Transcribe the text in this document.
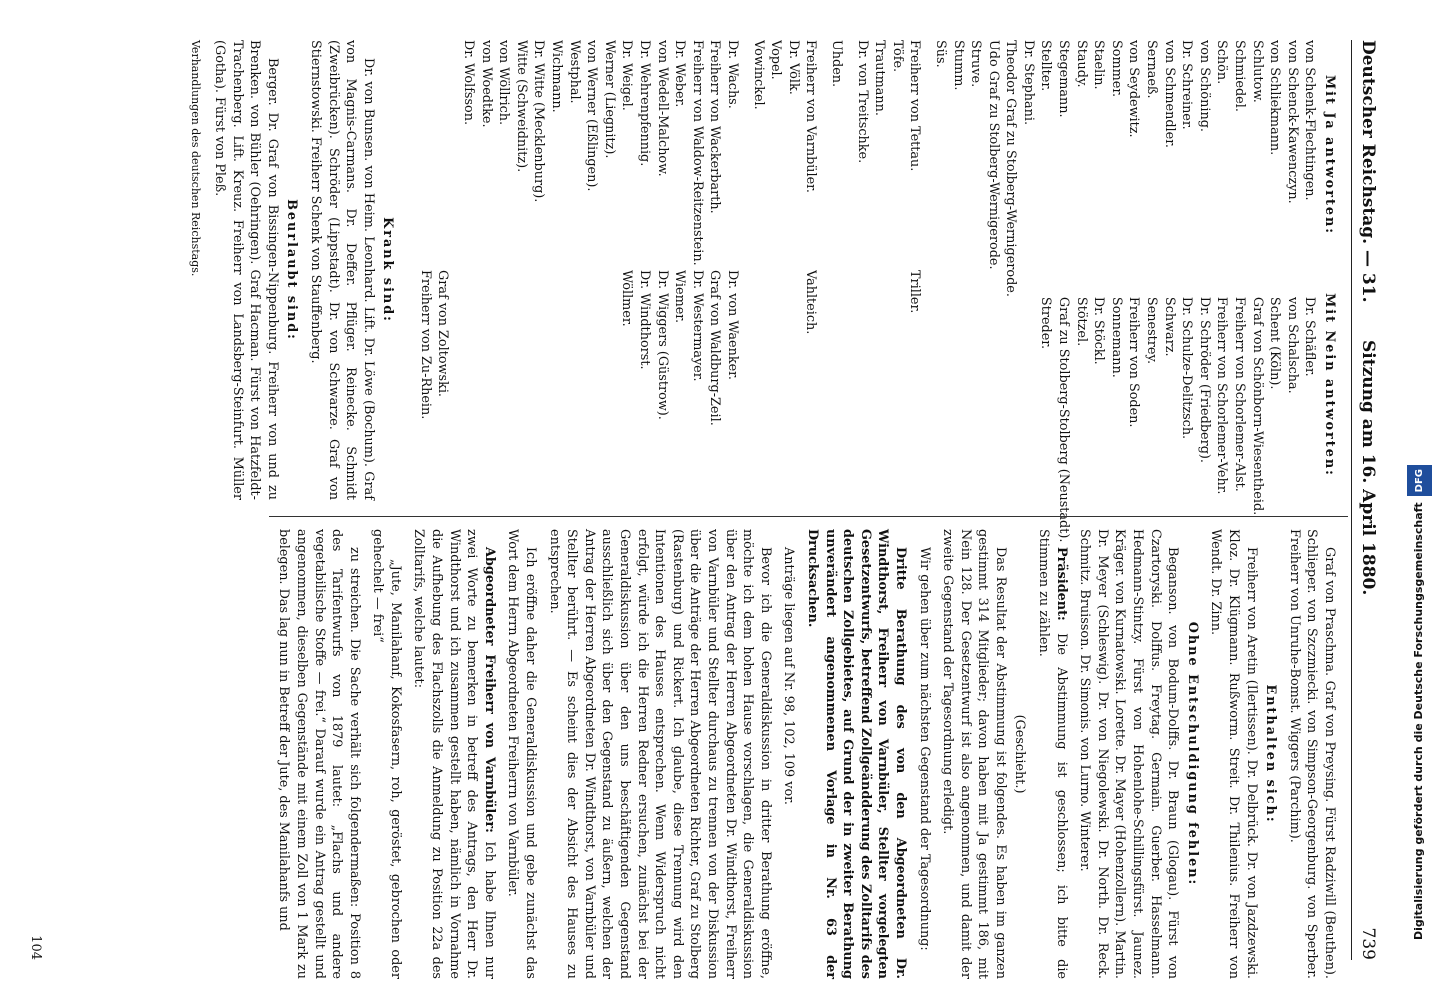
Deutscher Reichstag. — 31.
Sitzung am 16. April 1880.
739
Mit Ja antworten:
Mit Nein antworten:
von Schenk-Flechtingen.
von Schenck-Kawenczyn.
von Schliekmann.
Schlutow.
Schmiedel.
Schön.
von Schöning.
Dr. Schreiner.
von Schmendler.
Sernaeß.
von Seydewitz.
Sommer.
Staelin.
Staudy.
Stegemann.
Stellter.
Dr. Stephani.
Theodor Graf zu Stolberg-Wernigerode.
Udo Graf zu Stolberg-Wernigerode.
Struve.
Stumm.
Süs.
Dr. Schäfler.
von Schalscha.
Schent (Köln).
Graf von Schönborn-Wiesentheid.
Freiherr von Schorlemer-Alst.
Freiherr von Schorlemer-Vehr.
Dr. Schröder (Friedberg).
Dr. Schulze-Delitzsch.
Schwarz.
Senestrey.
Freiherr von Soden.
Sonnemann.
Dr. Stöckl.
Stötzel.
Graf zu Stolberg-Stolberg (Neustadt).
Streder.
Freiherr von Tettau.
Töfe.
Trautmann.
Dr. von Treitschke.
Triller.
Uhden.
Freiherr von Varnbüler.
Dr. Völk.
Vopel.
Vowinckel.
Vahlteich.
Dr. Wachs.
Freiherr von Wackerbarth.
Freiherr von Waldow-Reitzenstein.
Dr. Weber.
von Wedell-Malchow.
Dr. Wehrenpfennig.
Dr. Weigel.
Werner (Liegnitz).
von Werner (Eßlingen).
Westphal.
Wichmann.
Dr. Witte (Mecklenburg).
Witte (Schweidnitz).
von Wöllrich.
von Woedtke.
Dr. Wolfsson.
Dr. von Waenker.
Graf von Waldburg-Zeil.
Dr. Westermayer.
Wiemer.
Dr. Wiggers (Güstrow).
Dr. Windthorst.
Wöllmer.
Graf von Zoltowski.
Freiherr von Zu-Rhein.
Krank sind:
Dr. von Bunsen. von Heim. Leonhard. Lift. Dr. Löwe (Bochum). Graf von Magnis-Carmans. Dr. Deffer. Pflüger. Reinecke. Schmidt (Zweibrücken). Schröder (Lippstadt). Dr. von Schwarze. Graf von Stiernstowski. Freiherr Schenk von Stauffenberg.
Beurlaubt sind:
Berger. Dr. Graf von Bissingen-Nippenburg. Freiherr von und zu Brenken. von Bühler (Oehringen). Graf Hacman. Fürst von Hatzfeldt-Trachenberg. Lift. Kreuz. Freiherr von Landsberg-Steinfurt. Müller (Gotha). Fürst von Pleß.
Verhandlungen des deutschen Reichstags.
Graf von Praschma. Graf von Preysing. Fürst Radziwill (Beuthen). Schlieper. von Szczmiecki. von Simpson-Georgenburg. von Sperber. Freiherr von Unruhe-Bomst. Wiggers (Parchim).
Enthalten sich:
Freiherr von Aretin (Ilertissen). Dr. Delbrück. Dr. von Jazdzewski. Kloz. Dr. Klügmann. Rußworm. Streit. Dr. Thilenius. Freiherr von Wendt. Dr. Zinn.
Ohne Entschuldigung fehlen:
Beganson. von Bodum-Dolffs. Dr. Braun (Glogau). Fürst von Czartoryski. Dolffus. Freytag. Germain. Guerber. Hasselmann. Hedmann-Stintzy. Fürst von Hohenlohe-Schillingsfürst. Jaunez. Kräger. von Kurnatowski. Lorette. Dr. Mayer (Hohenzollern). Martin. Dr. Meyer (Schleswig). Dr. von Niegolewski. Dr. North. Dr. Reck. Schmitz. Bruisson. Dr. Simonis. von Lurno. Winterer.
Präsident: Die Abstimmung ist geschlossen; ich bitte die Stimmen zu zählen.
(Geschieht.)
Das Resultat der Abstimmung ist folgendes. Es haben im ganzen gestimmt 314 Mitglieder; davon haben mit Ja gestimmt 186, mit Nein 128. Der Gesetzentwurf ist also angenommen, und damit der zweite Gegenstand der Tagesordnung erledigt.
Wir gehen über zum nächsten Gegenstand der Tagesordnung:
Dritte Berathung des von den Abgeordneten Dr. Windthorst, Freiherr von Varnbüler, Stellter vorgelegten Gesetzentwurfs, betreffend Zollgeändderung des Zolltarifs des deutschen Zollgebietes, auf Grund der in zweiter Berathung unverändert angenommenen Vorlage in Nr. 63 der Drucksachen.
Anträge liegen auf Nr. 98, 102, 109 vor.
Bevor ich die Generaldiskussion in dritter Berathung eröffne, möchte ich dem hohen Hause vorschlagen, die Generaldiskussion über den Antrag der Herren Abgeordneten Dr. Windthorst, Freiherr von Varnbüler und Stellter durchaus zu trennen von der Diskussion über die Anträge der Herren Abgeordneten Richter, Graf zu Stolberg (Rastenburg) und Rickert. Ich glaube, diese Trennung wird den Intentionen des Hauses entsprechen. Wenn Widerspruch nicht erfolgt, würde ich die Herren Redner ersuchen, zunächst bei der Generaldiskussion über den uns beschäftigenden Gegenstand ausschließlich sich über den Gegenstand zu äußern, welchen der Antrag der Herren Abgeordneten Dr. Windthorst, von Varnbüler und Stellter berührt. — Es scheint dies der Absicht des Hauses zu entsprechen.
Ich eröffne daher die Generaldiskussion und gebe zunächst das Wort dem Herrn Abgeordneten Freiherrn von Varnbüler.
Abgeordneter Freiherr von Varnbüler: Ich habe Ihnen nur zwei Worte zu bemerken in betreff des Antrags, den Herr Dr. Windthorst und ich zusammen gestellt haben, nämlich in Vornahme die Aufhebung des Flachszolls die Anmeldung zu Position 22a des Zolltarifs, welche lautet:
„Jute, Manilahanf, Kokosfasern, roh, geröstet, gebrochen oder gehechelt — frei“
zu streichen. Die Sache verhält sich folgendermaßen: Position 8 des Tarifentwurfs von 1879 lautet: „Flachs und andere vegetabilische Stoffe — frei.“ Darauf wurde ein Antrag gestellt und angenommen, dieselben Gegenstände mit einem Zoll von 1 Mark zu belegen. Das lag nun in Betreff der Jute, des Manilahanfs und
104
Digitalisierung gefördert durch die Deutsche ForschungsgemeinschaftDFG
